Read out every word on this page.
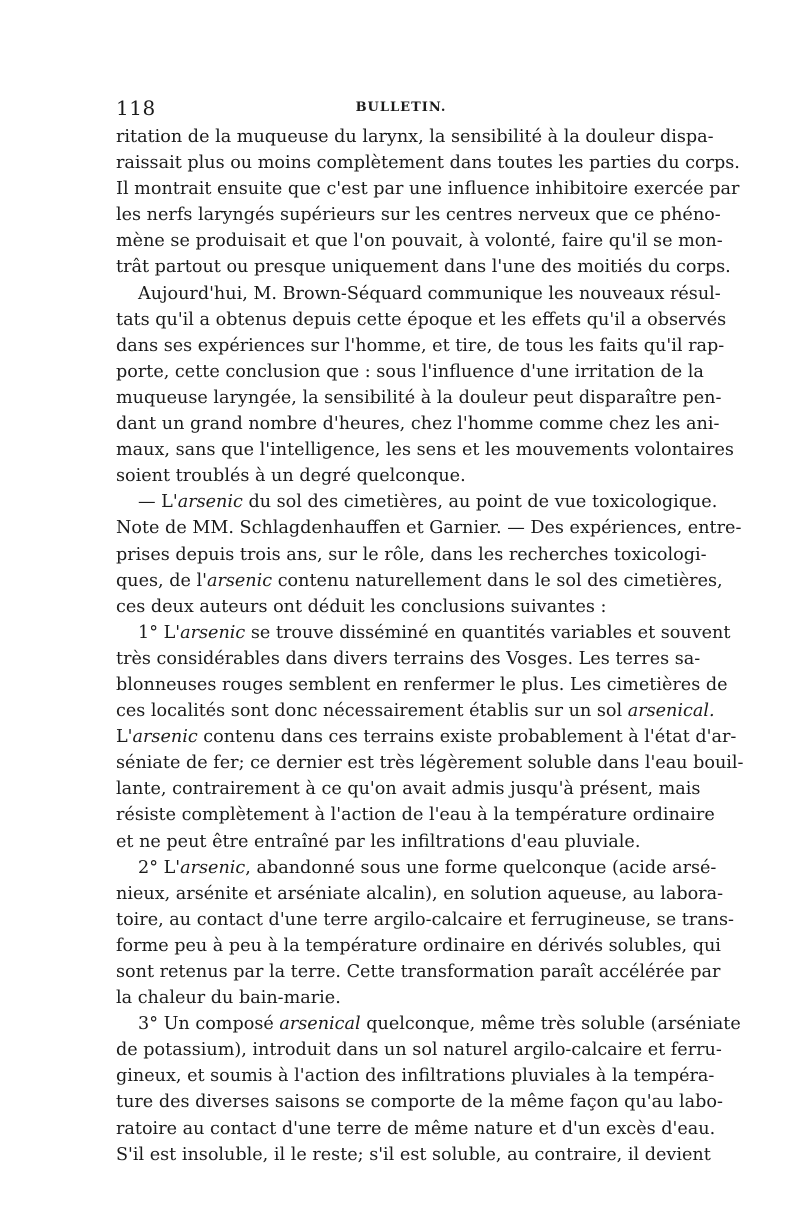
118	BULLETIN.
ritation de la muqueuse du larynx, la sensibilité à la douleur dispa-
raissait plus ou moins complètement dans toutes les parties du corps.
Il montrait ensuite que c'est par une influence inhibitoire exercée par
les nerfs laryngés supérieurs sur les centres nerveux que ce phéno-
mène se produisait et que l'on pouvait, à volonté, faire qu'il se mon-
trât partout ou presque uniquement dans l'une des moitiés du corps.
Aujourd'hui, M. Brown-Séquard communique les nouveaux résul-
tats qu'il a obtenus depuis cette époque et les effets qu'il a observés
dans ses expériences sur l'homme, et tire, de tous les faits qu'il rap-
porte, cette conclusion que : sous l'influence d'une irritation de la
muqueuse laryngée, la sensibilité à la douleur peut disparaître pen-
dant un grand nombre d'heures, chez l'homme comme chez les ani-
maux, sans que l'intelligence, les sens et les mouvements volontaires
soient troublés à un degré quelconque.
— L'arsenic du sol des cimetières, au point de vue toxicologique.
Note de MM. Schlagdenhauffen et Garnier. — Des expériences, entre-
prises depuis trois ans, sur le rôle, dans les recherches toxicologi-
ques, de l'arsenic contenu naturellement dans le sol des cimetières,
ces deux auteurs ont déduit les conclusions suivantes :
1° L'arsenic se trouve disséminé en quantités variables et souvent
très considérables dans divers terrains des Vosges. Les terres sa-
blonneuses rouges semblent en renfermer le plus. Les cimetières de
ces localités sont donc nécessairement établis sur un sol arsenical.
L'arsenic contenu dans ces terrains existe probablement à l'état d'ar-
séniate de fer; ce dernier est très légèrement soluble dans l'eau bouil-
lante, contrairement à ce qu'on avait admis jusqu'à présent, mais
résiste complètement à l'action de l'eau à la température ordinaire
et ne peut être entraîné par les infiltrations d'eau pluviale.
2° L'arsenic, abandonné sous une forme quelconque (acide arsé-
nieux, arsénite et arséniate alcalin), en solution aqueuse, au labora-
toire, au contact d'une terre argilo-calcaire et ferrugineuse, se trans-
forme peu à peu à la température ordinaire en dérivés solubles, qui
sont retenus par la terre. Cette transformation paraît accélérée par
la chaleur du bain-marie.
3° Un composé arsenical quelconque, même très soluble (arséniate
de potassium), introduit dans un sol naturel argilo-calcaire et ferru-
gineux, et soumis à l'action des infiltrations pluviales à la tempéra-
ture des diverses saisons se comporte de la même façon qu'au labo-
ratoire au contact d'une terre de même nature et d'un excès d'eau.
S'il est insoluble, il le reste; s'il est soluble, au contraire, il devient
